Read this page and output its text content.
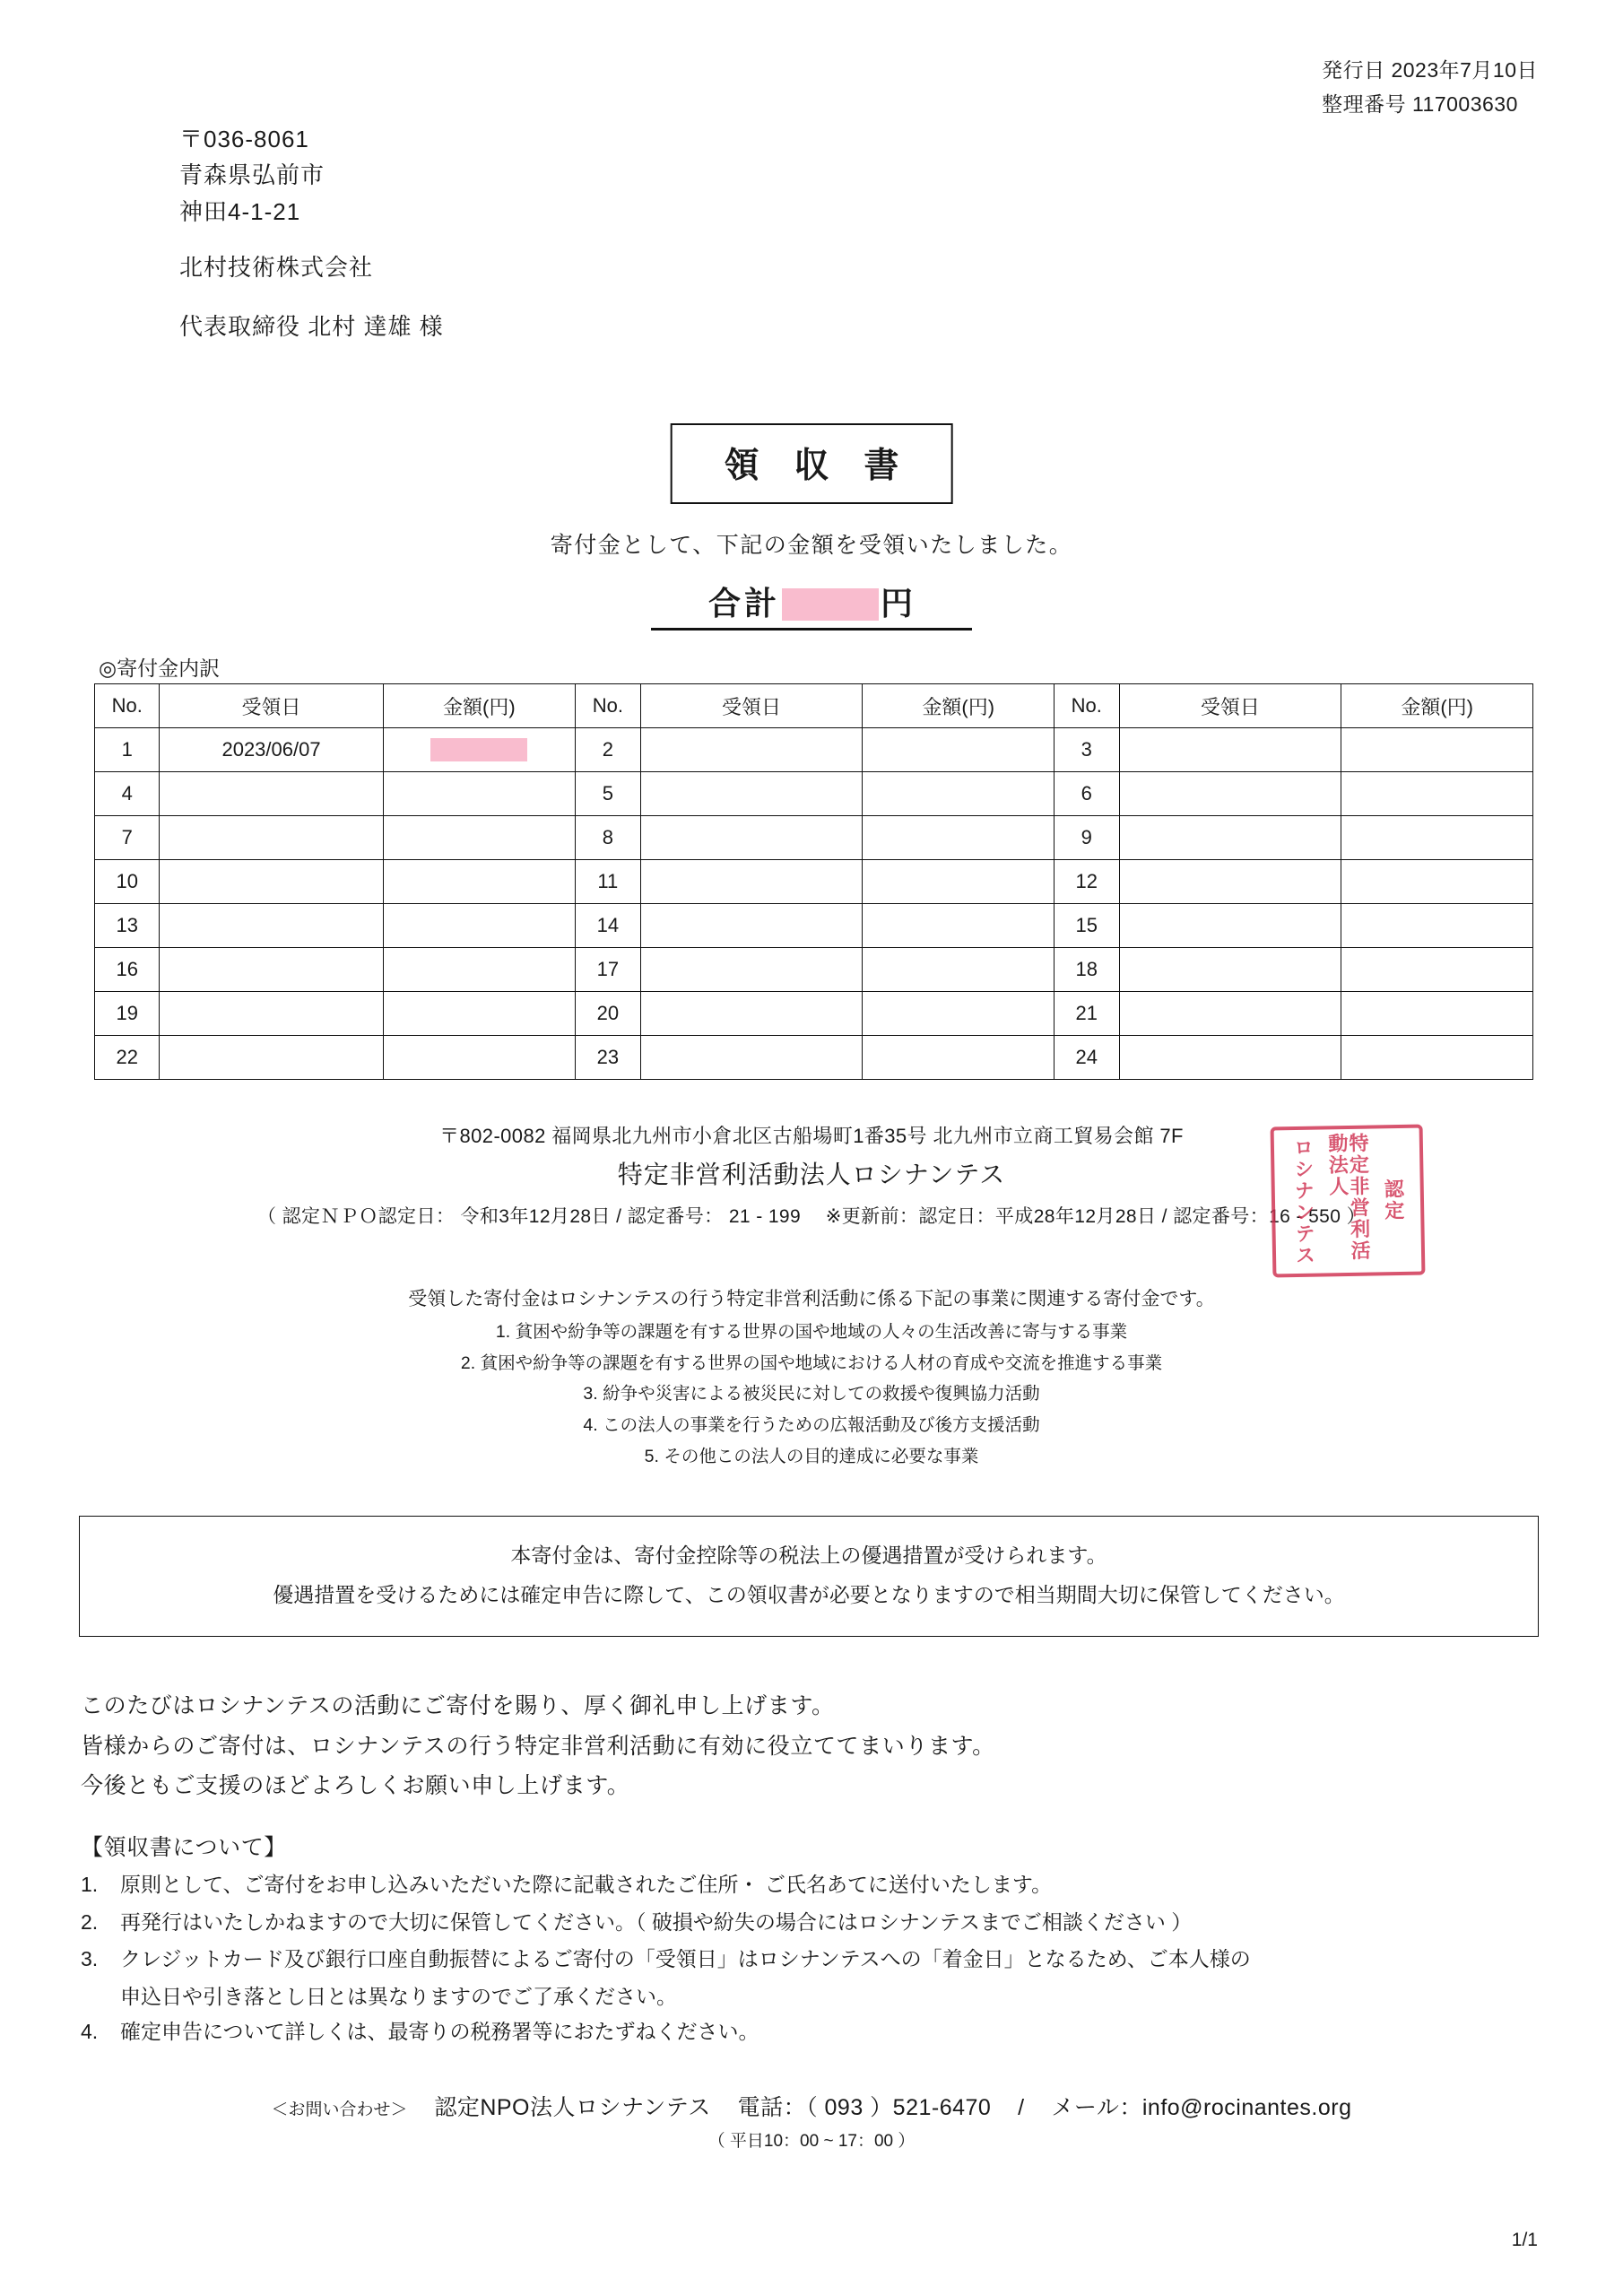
発行日 2023年7月10日
整理番号 117003630
〒036-8061
青森県弘前市
神田4-1-21
北村技術株式会社
代表取締役 北村 達雄 様
領 収 書
寄付金として、下記の金額を受領いたしました。
合計	円
◎寄付金内訳
No.	受領日	金額(円)	No.	受領日	金額(円)	No.	受領日	金額(円)
1	2023/06/07		2			3		
4			5			6		
7			8			9		
10			11			12		
13			14			15		
16			17			18		
19			20			21		
22			23			24		
〒802-0082 福岡県北九州市小倉北区古船場町1番35号 北九州市立商工貿易会館 7F
特定非営利活動法人ロシナンテス
（ 認定ＮＰＯ認定日： 令和3年12月28日 / 認定番号： 21 - 199　 ※更新前：認定日：平成28年12月28日 / 認定番号：16 - 550 ） 認定
特定非営利活動法人
ロシナンテス
受領した寄付金はロシナンテスの行う特定非営利活動に係る下記の事業に関連する寄付金です。
1. 貧困や紛争等の課題を有する世界の国や地域の人々の生活改善に寄与する事業
2. 貧困や紛争等の課題を有する世界の国や地域における人材の育成や交流を推進する事業
3. 紛争や災害による被災民に対しての救援や復興協力活動
4. この法人の事業を行うための広報活動及び後方支援活動
5. その他この法人の目的達成に必要な事業
本寄付金は、寄付金控除等の税法上の優遇措置が受けられます。
優遇措置を受けるためには確定申告に際して、この領収書が必要となりますので相当期間大切に保管してください。
このたびはロシナンテスの活動にご寄付を賜り、厚く御礼申し上げます。
皆様からのご寄付は、ロシナンテスの行う特定非営利活動に有効に役立ててまいります。
今後ともご支援のほどよろしくお願い申し上げます。
【領収書について】
1.	原則として、ご寄付をお申し込みいただいた際に記載されたご住所・ ご氏名あてに送付いたします。
2.	再発行はいたしかねますので大切に保管してください。（ 破損や紛失の場合にはロシナンテスまでご相談ください ）
3.	クレジットカード及び銀行口座自動振替によるご寄付の「受領日」はロシナンテスへの「着金日」となるため、ご本人様の
申込日や引き落とし日とは異なりますのでご了承ください。
4.	確定申告について詳しくは、最寄りの税務署等におたずねください。
＜お問い合わせ＞ 認定NPO法人ロシナンテス 電話：（ 093 ）521-6470 / メール：info@rocinantes.org
（ 平日10：00 ~ 17：00 ）
1/1
